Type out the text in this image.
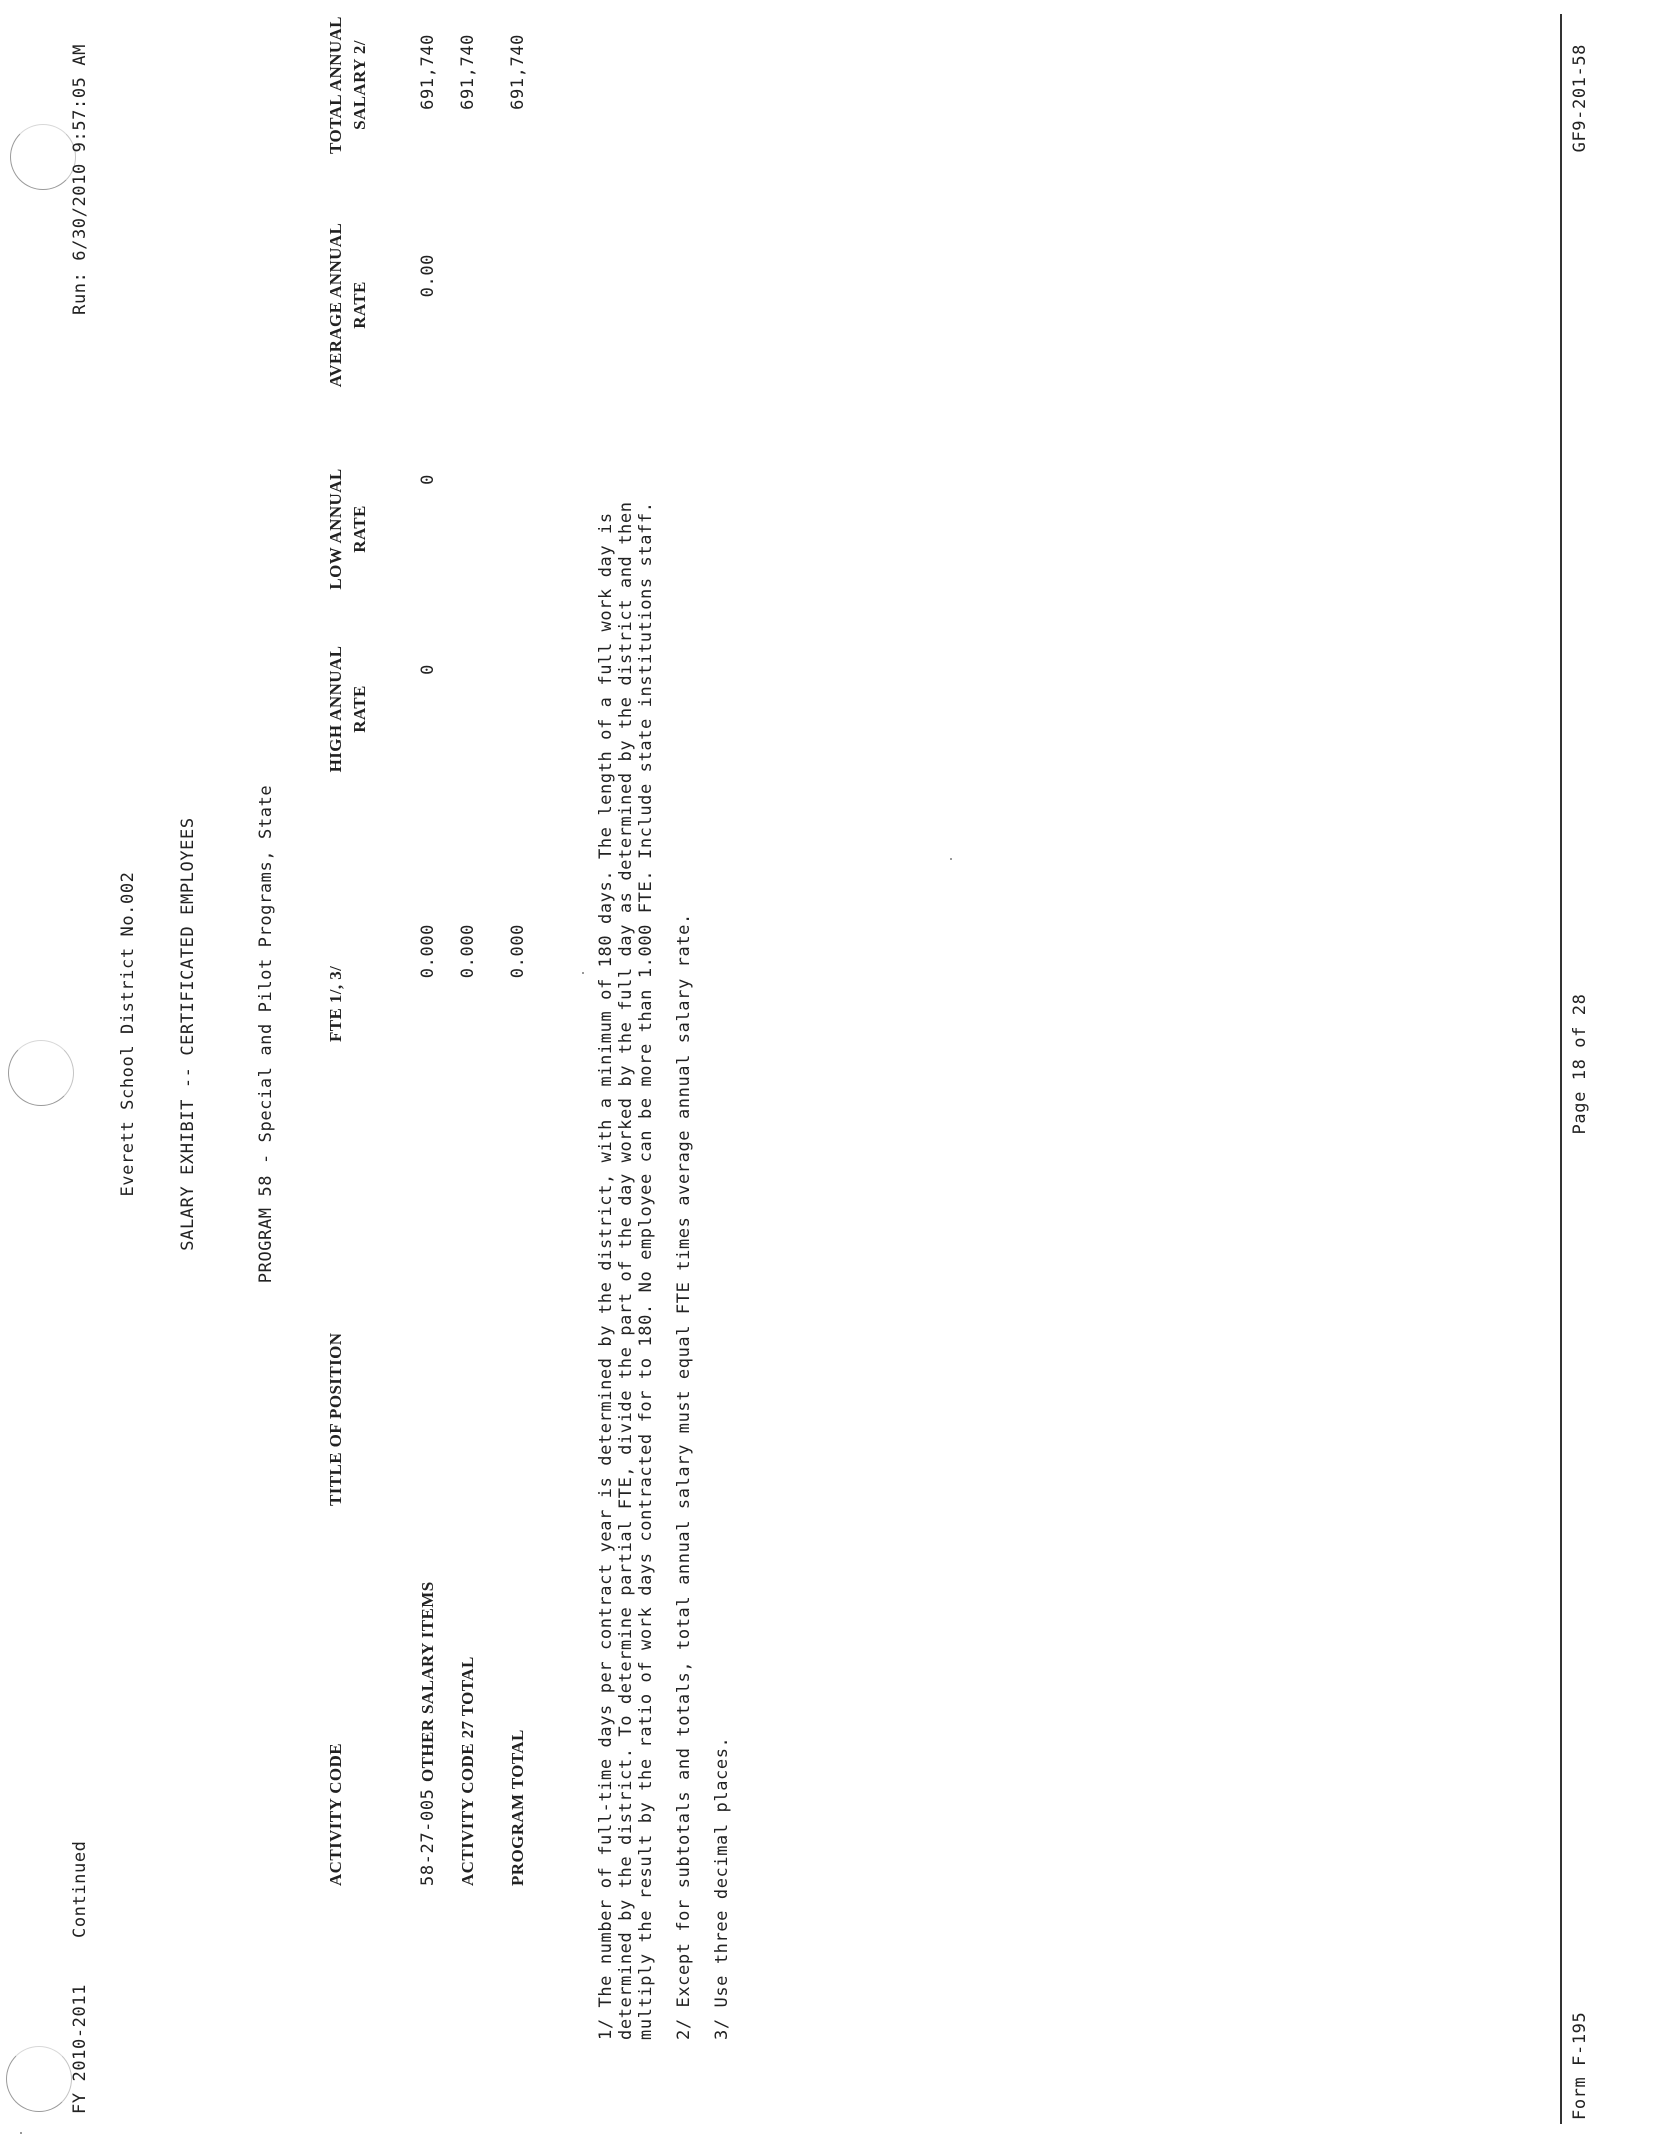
FY 2010-2011
Continued
Run: 6/30/2010 9:57:05 AM
Everett School District No.002 SALARY EXHIBIT -- CERTIFICATED EMPLOYEES	PROGRAM 58 - Special and Pilot Programs, State
ACTIVITY CODE
TITLE OF POSITION
FTE 1/, 3/
HIGH ANNUAL RATE
LOW ANNUAL RATE
AVERAGE ANNUAL RATE
TOTAL ANNUAL SALARY 2/
58-27-005
OTHER SALARY ITEMS
0.000
0
0
0.00
691,740
ACTIVITY CODE 27 TOTAL
0.000
691,740
PROGRAM TOTAL
0.000
691,740
1/ The number of full-time days per contract year is determined by the district, with a minimum of 180 days. The length of a full work day is determined by the district. To determine partial FTE, divide the part of the day worked by the full day as determined by the district and then multiply the result by the ratio of work days contracted for to 180. No employee can be more than 1.000 FTE. Include state institutions staff. 2/ Except for subtotals and totals, total annual salary must equal FTE times average annual salary rate. 3/ Use three decimal places.
Form F-195
Page 18 of 28
GF9-201-58
